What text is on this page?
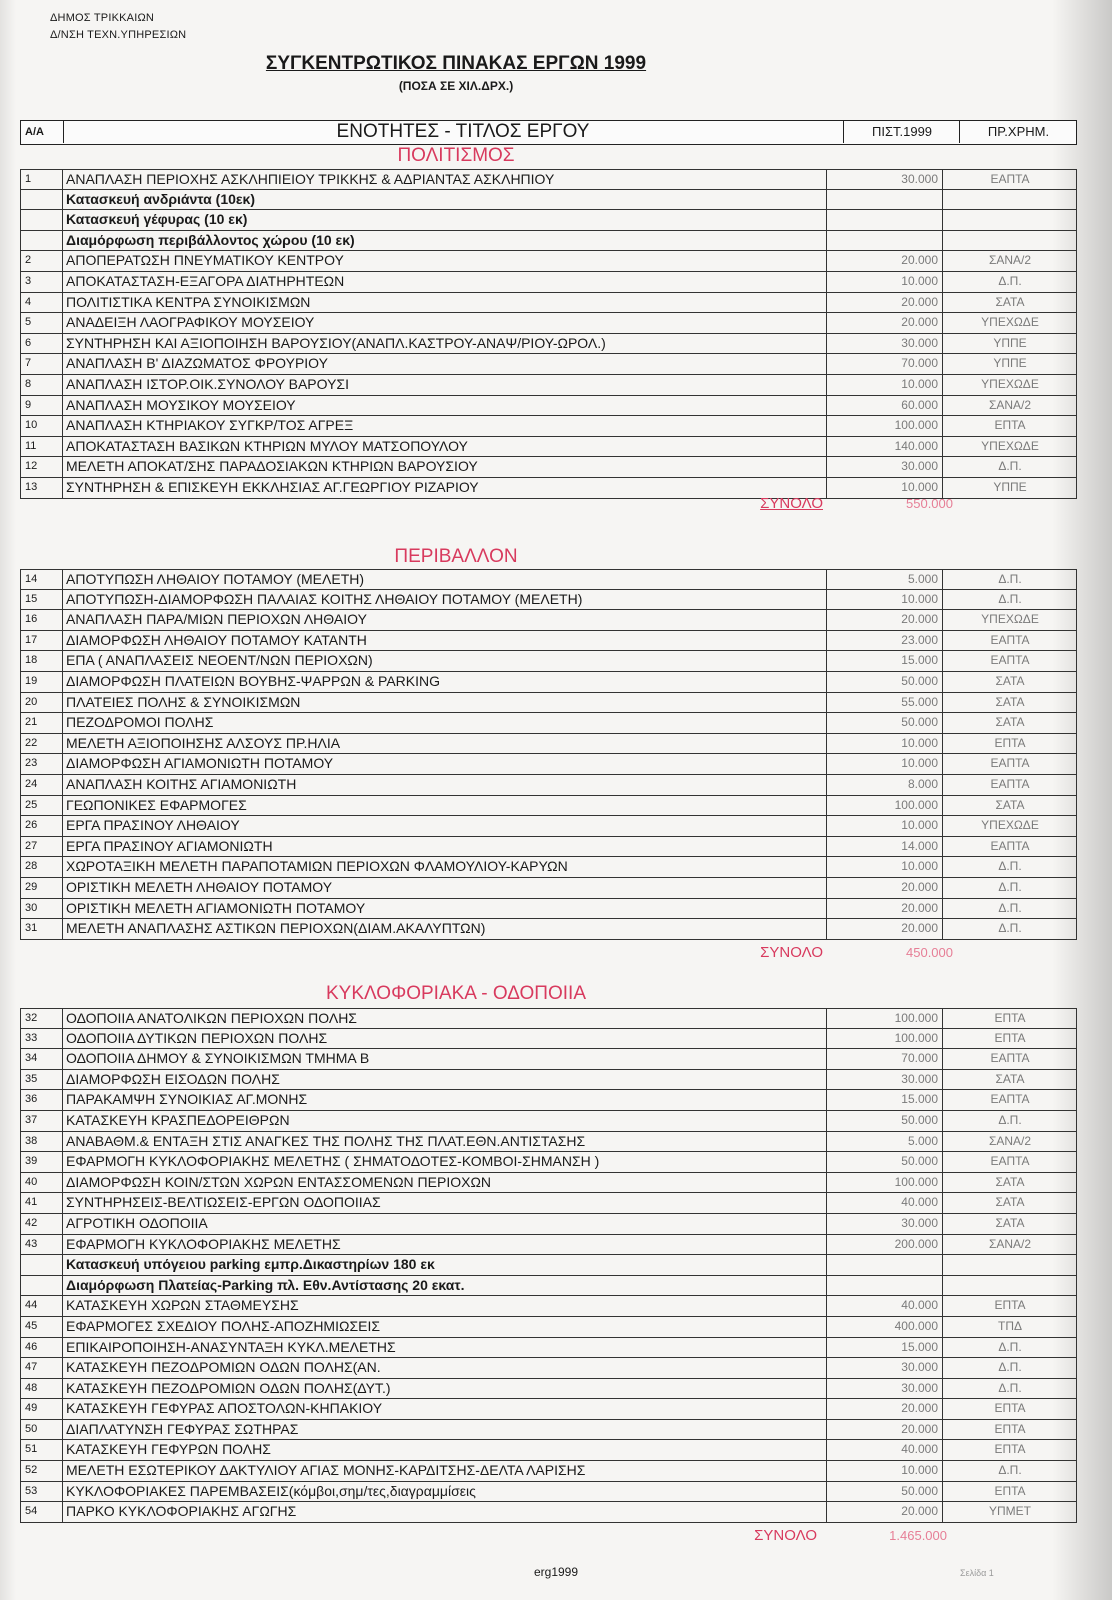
ΔΗΜΟΣ ΤΡΙΚΚΑΙΩΝ
Δ/ΝΣΗ ΤΕΧΝ.ΥΠΗΡΕΣΙΩΝ
ΣΥΓΚΕΝΤΡΩΤΙΚΟΣ ΠΙΝΑΚΑΣ ΕΡΓΩΝ 1999
(ΠΟΣΑ ΣΕ ΧΙΛ.ΔΡΧ.)
Α/Α	ΕΝΟΤΗΤΕΣ - ΤΙΤΛΟΣ ΕΡΓΟΥ	ΠΙΣΤ.1999	ΠΡ.ΧΡΗΜ.
ΠΟΛΙΤΙΣΜΟΣ
1	ΑΝΑΠΛΑΣΗ ΠΕΡΙΟΧΗΣ ΑΣΚΛΗΠΙΕΙΟΥ ΤΡΙΚΚΗΣ & ΑΔΡΙΑΝΤΑΣ ΑΣΚΛΗΠΙΟΥ	30.000	ΕΑΠΤΑ
Κατασκευή ανδριάντα (10εκ)
Κατασκευή γέφυρας (10 εκ)
Διαμόρφωση περιβάλλοντος χώρου (10 εκ)
2	ΑΠΟΠΕΡΑΤΩΣΗ ΠΝΕΥΜΑΤΙΚΟΥ ΚΕΝΤΡΟΥ	20.000	ΣΑΝΑ/2
3	ΑΠΟΚΑΤΑΣΤΑΣΗ-ΕΞΑΓΟΡΑ ΔΙΑΤΗΡΗΤΕΩΝ	10.000	Δ.Π.
4	ΠΟΛΙΤΙΣΤΙΚΑ ΚΕΝΤΡΑ ΣΥΝΟΙΚΙΣΜΩΝ	20.000	ΣΑΤΑ
5	ΑΝΑΔΕΙΞΗ ΛΑΟΓΡΑΦΙΚΟΥ ΜΟΥΣΕΙΟΥ	20.000	ΥΠΕΧΩΔΕ
6	ΣΥΝΤΗΡΗΣΗ ΚΑΙ ΑΞΙΟΠΟΙΗΣΗ ΒΑΡΟΥΣΙΟΥ(ΑΝΑΠΛ.ΚΑΣΤΡΟΥ-ΑΝΑΨ/ΡΙΟΥ-ΩΡΟΛ.)	30.000	ΥΠΠΕ
7	ΑΝΑΠΛΑΣΗ Β' ΔΙΑΖΩΜΑΤΟΣ ΦΡΟΥΡΙΟΥ	70.000	ΥΠΠΕ
8	ΑΝΑΠΛΑΣΗ ΙΣΤΟΡ.ΟΙΚ.ΣΥΝΟΛΟΥ ΒΑΡΟΥΣΙ	10.000	ΥΠΕΧΩΔΕ
9	ΑΝΑΠΛΑΣΗ ΜΟΥΣΙΚΟΥ ΜΟΥΣΕΙΟΥ	60.000	ΣΑΝΑ/2
10	ΑΝΑΠΛΑΣΗ ΚΤΗΡΙΑΚΟΥ ΣΥΓΚΡ/ΤΟΣ ΑΓΡΕΞ	100.000	ΕΠΤΑ
11	ΑΠΟΚΑΤΑΣΤΑΣΗ ΒΑΣΙΚΩΝ ΚΤΗΡΙΩΝ ΜΥΛΟΥ ΜΑΤΣΟΠΟΥΛΟΥ	140.000	ΥΠΕΧΩΔΕ
12	ΜΕΛΕΤΗ ΑΠΟΚΑΤ/ΣΗΣ ΠΑΡΑΔΟΣΙΑΚΩΝ ΚΤΗΡΙΩΝ ΒΑΡΟΥΣΙΟΥ	30.000	Δ.Π.
13	ΣΥΝΤΗΡΗΣΗ & ΕΠΙΣΚΕΥΗ ΕΚΚΛΗΣΙΑΣ ΑΓ.ΓΕΩΡΓΙΟΥ ΡΙΖΑΡΙΟΥ	10.000	ΥΠΠΕ
ΣΥΝΟΛΟ	550.000
ΠΕΡΙΒΑΛΛΟΝ
14	ΑΠΟΤΥΠΩΣΗ ΛΗΘΑΙΟΥ ΠΟΤΑΜΟΥ (ΜΕΛΕΤΗ)	5.000	Δ.Π.
15	ΑΠΟΤΥΠΩΣΗ-ΔΙΑΜΟΡΦΩΣΗ ΠΑΛΑΙΑΣ ΚΟΙΤΗΣ ΛΗΘΑΙΟΥ ΠΟΤΑΜΟΥ (ΜΕΛΕΤΗ)	10.000	Δ.Π.
16	ΑΝΑΠΛΑΣΗ ΠΑΡΑ/ΜΙΩΝ ΠΕΡΙΟΧΩΝ ΛΗΘΑΙΟΥ	20.000	ΥΠΕΧΩΔΕ
17	ΔΙΑΜΟΡΦΩΣΗ ΛΗΘΑΙΟΥ ΠΟΤΑΜΟΥ ΚΑΤΑΝΤΗ	23.000	ΕΑΠΤΑ
18	ΕΠΑ ( ΑΝΑΠΛΑΣΕΙΣ ΝΕΟΕΝΤ/ΝΩΝ ΠΕΡΙΟΧΩΝ)	15.000	ΕΑΠΤΑ
19	ΔΙΑΜΟΡΦΩΣΗ ΠΛΑΤΕΙΩΝ ΒΟΥΒΗΣ-ΨΑΡΡΩΝ & PARKING	50.000	ΣΑΤΑ
20	ΠΛΑΤΕΙΕΣ ΠΟΛΗΣ & ΣΥΝΟΙΚΙΣΜΩΝ	55.000	ΣΑΤΑ
21	ΠΕΖΟΔΡΟΜΟΙ ΠΟΛΗΣ	50.000	ΣΑΤΑ
22	ΜΕΛΕΤΗ ΑΞΙΟΠΟΙΗΣΗΣ ΑΛΣΟΥΣ ΠΡ.ΗΛΙΑ	10.000	ΕΠΤΑ
23	ΔΙΑΜΟΡΦΩΣΗ ΑΓΙΑΜΟΝΙΩΤΗ ΠΟΤΑΜΟΥ	10.000	ΕΑΠΤΑ
24	ΑΝΑΠΛΑΣΗ ΚΟΙΤΗΣ ΑΓΙΑΜΟΝΙΩΤΗ	8.000	ΕΑΠΤΑ
25	ΓΕΩΠΟΝΙΚΕΣ ΕΦΑΡΜΟΓΕΣ	100.000	ΣΑΤΑ
26	ΕΡΓΑ ΠΡΑΣΙΝΟΥ ΛΗΘΑΙΟΥ	10.000	ΥΠΕΧΩΔΕ
27	ΕΡΓΑ ΠΡΑΣΙΝΟΥ ΑΓΙΑΜΟΝΙΩΤΗ	14.000	ΕΑΠΤΑ
28	ΧΩΡΟΤΑΞΙΚΗ ΜΕΛΕΤΗ ΠΑΡΑΠΟΤΑΜΙΩΝ ΠΕΡΙΟΧΩΝ ΦΛΑΜΟΥΛΙΟΥ-ΚΑΡΥΩΝ	10.000	Δ.Π.
29	ΟΡΙΣΤΙΚΗ ΜΕΛΕΤΗ ΛΗΘΑΙΟΥ ΠΟΤΑΜΟΥ	20.000	Δ.Π.
30	ΟΡΙΣΤΙΚΗ ΜΕΛΕΤΗ ΑΓΙΑΜΟΝΙΩΤΗ ΠΟΤΑΜΟΥ	20.000	Δ.Π.
31	ΜΕΛΕΤΗ ΑΝΑΠΛΑΣΗΣ ΑΣΤΙΚΩΝ ΠΕΡΙΟΧΩΝ(ΔΙΑΜ.ΑΚΑΛΥΠΤΩΝ)	20.000	Δ.Π.
ΣΥΝΟΛΟ	450.000
ΚΥΚΛΟΦΟΡΙΑΚΑ - ΟΔΟΠΟΙΙΑ
32	ΟΔΟΠΟΙΙΑ ΑΝΑΤΟΛΙΚΩΝ ΠΕΡΙΟΧΩΝ ΠΟΛΗΣ	100.000	ΕΠΤΑ
33	ΟΔΟΠΟΙΙΑ ΔΥΤΙΚΩΝ ΠΕΡΙΟΧΩΝ ΠΟΛΗΣ	100.000	ΕΠΤΑ
34	ΟΔΟΠΟΙΙΑ ΔΗΜΟΥ & ΣΥΝΟΙΚΙΣΜΩΝ ΤΜΗΜΑ Β	70.000	ΕΑΠΤΑ
35	ΔΙΑΜΟΡΦΩΣΗ ΕΙΣΟΔΩΝ ΠΟΛΗΣ	30.000	ΣΑΤΑ
36	ΠΑΡΑΚΑΜΨΗ ΣΥΝΟΙΚΙΑΣ ΑΓ.ΜΟΝΗΣ	15.000	ΕΑΠΤΑ
37	ΚΑΤΑΣΚΕΥΗ ΚΡΑΣΠΕΔΟΡΕΙΘΡΩΝ	50.000	Δ.Π.
38	ΑΝΑΒΑΘΜ.& ΕΝΤΑΞΗ ΣΤΙΣ ΑΝΑΓΚΕΣ ΤΗΣ ΠΟΛΗΣ ΤΗΣ ΠΛΑΤ.ΕΘΝ.ΑΝΤΙΣΤΑΣΗΣ	5.000	ΣΑΝΑ/2
39	ΕΦΑΡΜΟΓΗ ΚΥΚΛΟΦΟΡΙΑΚΗΣ ΜΕΛΕΤΗΣ ( ΣΗΜΑΤΟΔΟΤΕΣ-ΚΟΜΒΟΙ-ΣΗΜΑΝΣΗ )	50.000	ΕΑΠΤΑ
40	ΔΙΑΜΟΡΦΩΣΗ ΚΟΙΝ/ΣΤΩΝ ΧΩΡΩΝ ΕΝΤΑΣΣΟΜΕΝΩΝ ΠΕΡΙΟΧΩΝ	100.000	ΣΑΤΑ
41	ΣΥΝΤΗΡΗΣΕΙΣ-ΒΕΛΤΙΩΣΕΙΣ-ΕΡΓΩΝ ΟΔΟΠΟΙΙΑΣ	40.000	ΣΑΤΑ
42	ΑΓΡΟΤΙΚΗ ΟΔΟΠΟΙΙΑ	30.000	ΣΑΤΑ
43	ΕΦΑΡΜΟΓΗ ΚΥΚΛΟΦΟΡΙΑΚΗΣ ΜΕΛΕΤΗΣ	200.000	ΣΑΝΑ/2
Κατασκευή υπόγειου parking εμπρ.Δικαστηρίων 180 εκ
Διαμόρφωση Πλατείας-Parking πλ. Εθν.Αντίστασης 20 εκατ.
44	ΚΑΤΑΣΚΕΥΗ ΧΩΡΩΝ ΣΤΑΘΜΕΥΣΗΣ	40.000	ΕΠΤΑ
45	ΕΦΑΡΜΟΓΕΣ ΣΧΕΔΙΟΥ ΠΟΛΗΣ-ΑΠΟΖΗΜΙΩΣΕΙΣ	400.000	ΤΠΔ
46	ΕΠΙΚΑΙΡΟΠΟΙΗΣΗ-ΑΝΑΣΥΝΤΑΞΗ ΚΥΚΛ.ΜΕΛΕΤΗΣ	15.000	Δ.Π.
47	ΚΑΤΑΣΚΕΥΗ ΠΕΖΟΔΡΟΜΙΩΝ ΟΔΩΝ ΠΟΛΗΣ(ΑΝ.	30.000	Δ.Π.
48	ΚΑΤΑΣΚΕΥΗ ΠΕΖΟΔΡΟΜΙΩΝ ΟΔΩΝ ΠΟΛΗΣ(ΔΥΤ.)	30.000	Δ.Π.
49	ΚΑΤΑΣΚΕΥΗ ΓΕΦΥΡΑΣ ΑΠΟΣΤΟΛΩΝ-ΚΗΠΑΚΙΟΥ	20.000	ΕΠΤΑ
50	ΔΙΑΠΛΑΤΥΝΣΗ ΓΕΦΥΡΑΣ ΣΩΤΗΡΑΣ	20.000	ΕΠΤΑ
51	ΚΑΤΑΣΚΕΥΗ ΓΕΦΥΡΩΝ ΠΟΛΗΣ	40.000	ΕΠΤΑ
52	ΜΕΛΕΤΗ ΕΣΩΤΕΡΙΚΟΥ ΔΑΚΤΥΛΙΟΥ ΑΓΙΑΣ ΜΟΝΗΣ-ΚΑΡΔΙΤΣΗΣ-ΔΕΛΤΑ ΛΑΡΙΣΗΣ	10.000	Δ.Π.
53	ΚΥΚΛΟΦΟΡΙΑΚΕΣ ΠΑΡΕΜΒΑΣΕΙΣ(κόμβοι,σημ/τες,διαγραμμίσεις	50.000	ΕΠΤΑ
54	ΠΑΡΚΟ ΚΥΚΛΟΦΟΡΙΑΚΗΣ ΑΓΩΓΗΣ	20.000	ΥΠΜΕΤ
ΣΥΝΟΛΟ	1.465.000
erg1999	Σελίδα 1
